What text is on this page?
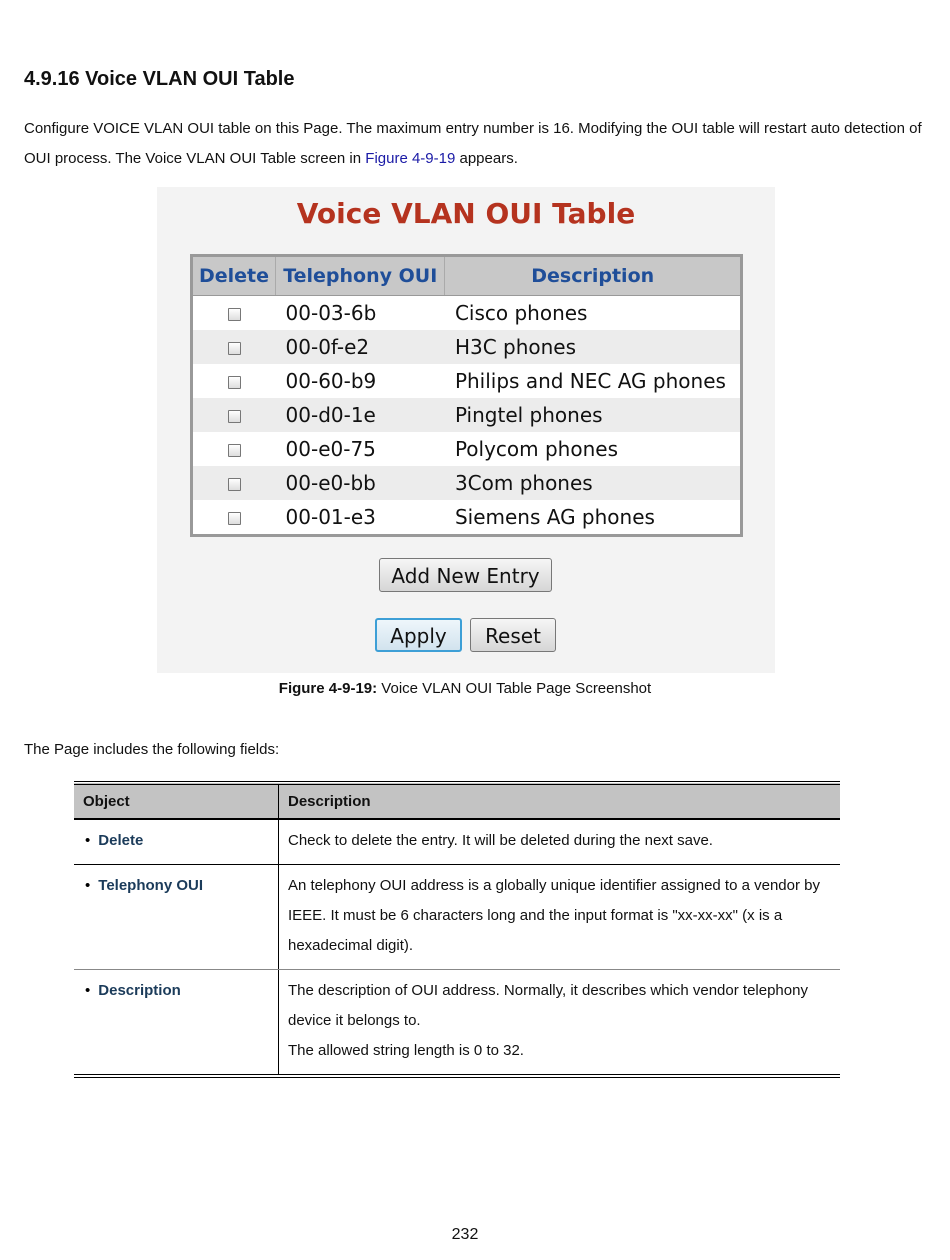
4.9.16 Voice VLAN OUI Table
Configure VOICE VLAN OUI table on this Page. The maximum entry number is 16. Modifying the OUI table will restart auto detection of OUI process. The Voice VLAN OUI Table screen in Figure 4-9-19 appears.
Voice VLAN OUI Table
Delete	Telephony OUI	Description
	00-03-6b	Cisco phones
	00-0f-e2	H3C phones
	00-60-b9	Philips and NEC AG phones
	00-d0-1e	Pingtel phones
	00-e0-75	Polycom phones
	00-e0-bb	3Com phones
	00-01-e3	Siemens AG phones
Add New Entry
Apply	Reset
Figure 4-9-19: Voice VLAN OUI Table Page Screenshot
The Page includes the following fields:
Object	Description
• Delete	Check to delete the entry. It will be deleted during the next save.
• Telephony OUI	An telephony OUI address is a globally unique identifier assigned to a vendor by IEEE. It must be 6 characters long and the input format is "xx-xx-xx" (x is a hexadecimal digit).
• Description	The description of OUI address. Normally, it describes which vendor telephony device it belongs to.
The allowed string length is 0 to 32.
232
